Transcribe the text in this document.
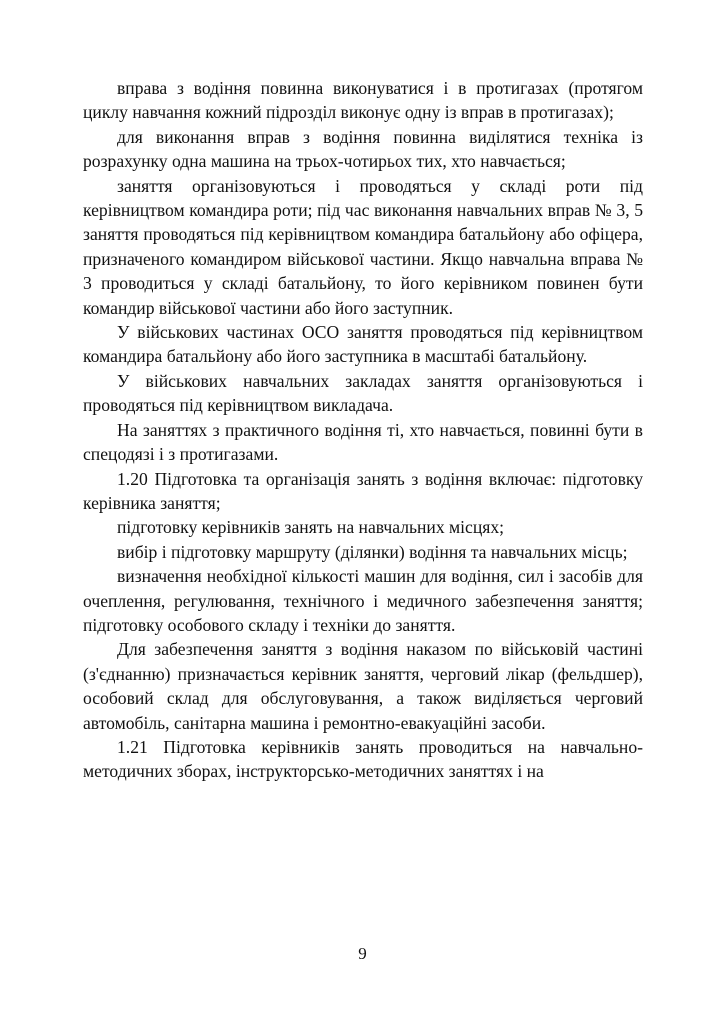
вправа з водіння повинна виконуватися і в протигазах (протягом циклу навчання кожний підрозділ виконує одну із вправ в протигазах);

для виконання вправ з водіння повинна виділятися техніка із розрахунку одна машина на трьох-чотирьох тих, хто навчається;

заняття організовуються і проводяться у складі роти під керівництвом командира роти; під час виконання навчальних вправ № 3, 5 заняття проводяться під керівництвом командира батальйону або офіцера, призначеного командиром військової частини. Якщо навчальна вправа № 3 проводиться у складі батальйону, то його керівником повинен бути командир військової частини або його заступник.

У військових частинах ОСО заняття проводяться під керівництвом командира батальйону або його заступника в масштабі батальйону.

У військових навчальних закладах заняття організовуються і проводяться під керівництвом викладача.

На заняттях з практичного водіння ті, хто навчається, повинні бути в спецодязі і з протигазами.

1.20 Підготовка та організація занять з водіння включає: підготовку керівника заняття;

підготовку керівників занять на навчальних місцях;

вибір і підготовку маршруту (ділянки) водіння та навчальних місць;

визначення необхідної кількості машин для водіння, сил і засобів для очеплення, регулювання, технічного і медичного забезпечення заняття; підготовку особового складу і техніки до заняття.

Для забезпечення заняття з водіння наказом по військовій частині (з'єднанню) призначається керівник заняття, черговий лікар (фельдшер), особовий склад для обслуговування, а також виділяється черговий автомобіль, санітарна машина і ремонтно-евакуаційні засоби.

1.21 Підготовка керівників занять проводиться на навчально-методичних зборах, інструкторсько-методичних заняттях і на

9
